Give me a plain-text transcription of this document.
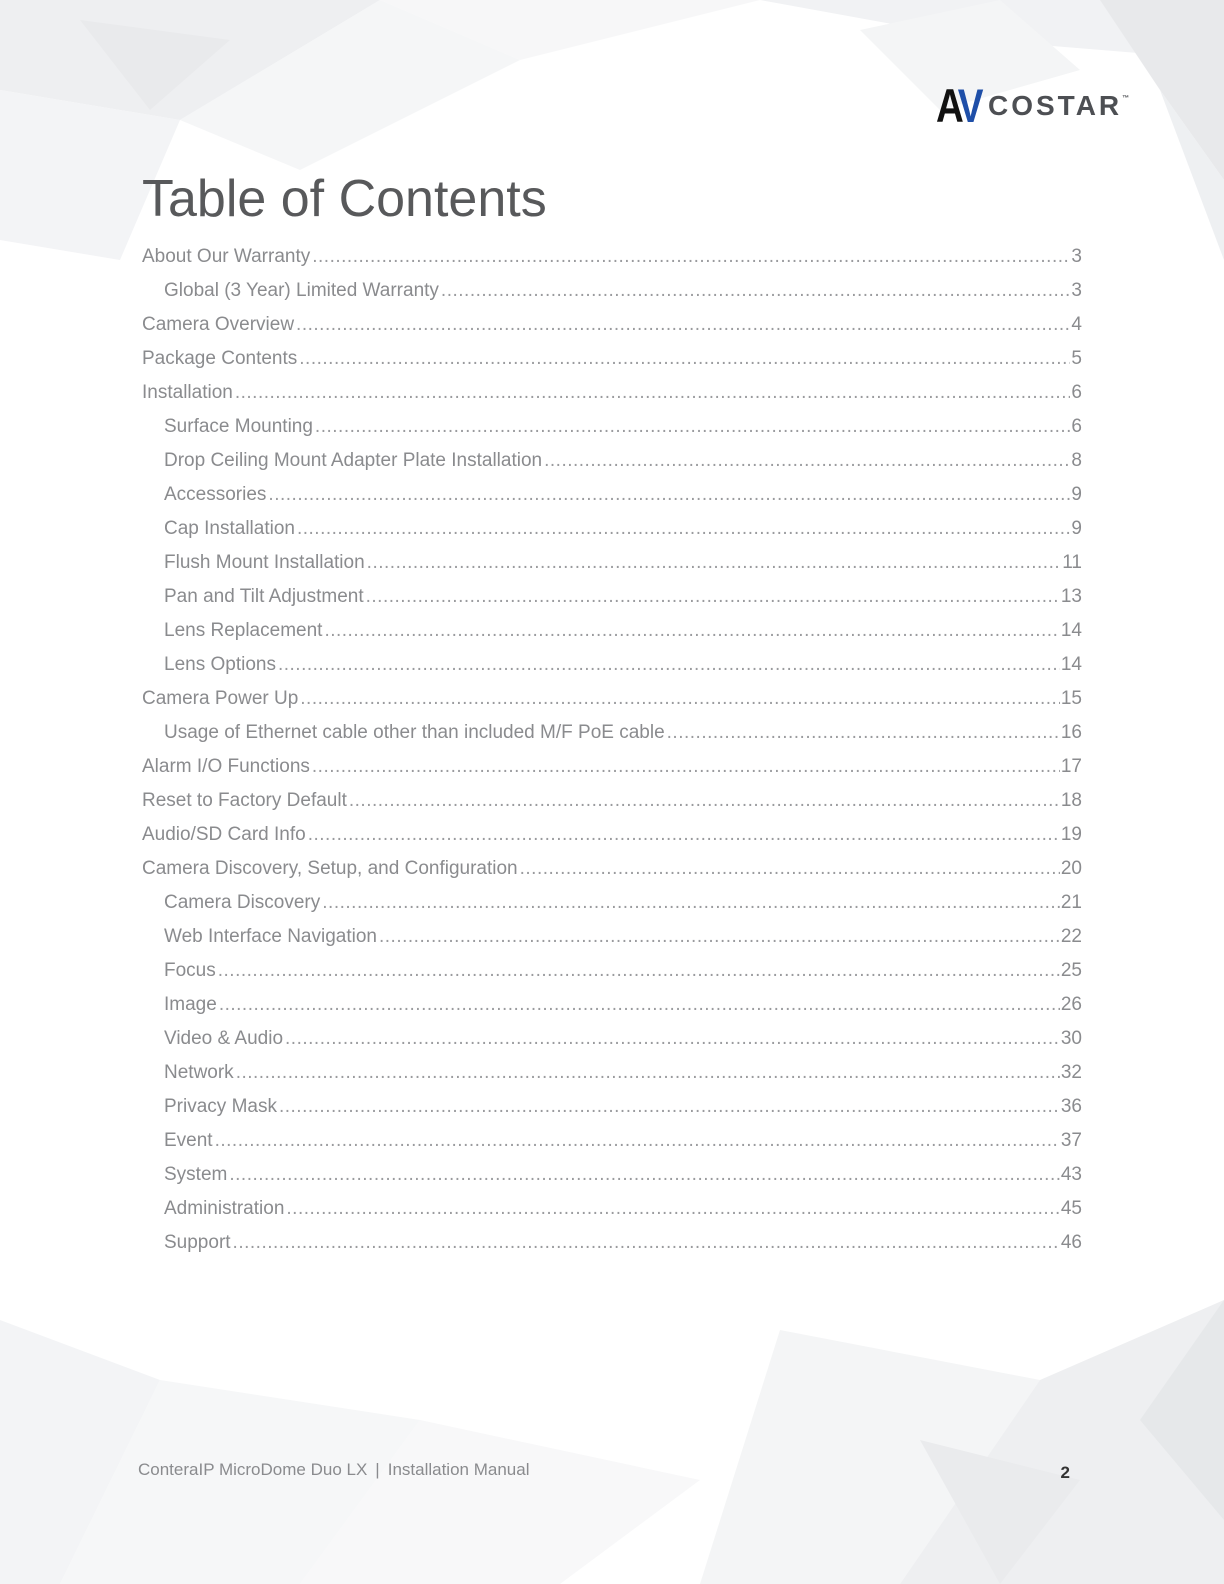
AV COSTAR ™
Table of Contents
About Our Warranty .....	3
Global (3 Year) Limited Warranty .....	3
Camera Overview .....	4
Package Contents .....	5
Installation .....	6
Surface Mounting .....	6
Drop Ceiling Mount Adapter Plate Installation .....	8
Accessories .....	9
Cap Installation .....	9
Flush Mount Installation .....	11
Pan and Tilt Adjustment .....	13
Lens Replacement .....	14
Lens Options .....	14
Camera Power Up .....	15
Usage of Ethernet cable other than included M/F PoE cable .....	16
Alarm I/O Functions .....	17
Reset to Factory Default .....	18
Audio/SD Card Info .....	19
Camera Discovery, Setup, and Configuration .....	20
Camera Discovery .....	21
Web Interface Navigation .....	22
Focus .....	25
Image .....	26
Video & Audio .....	30
Network .....	32
Privacy Mask .....	36
Event .....	37
System .....	43
Administration .....	45
Support .....	46
ConteraIP MicroDome Duo LX | Installation Manual	2
